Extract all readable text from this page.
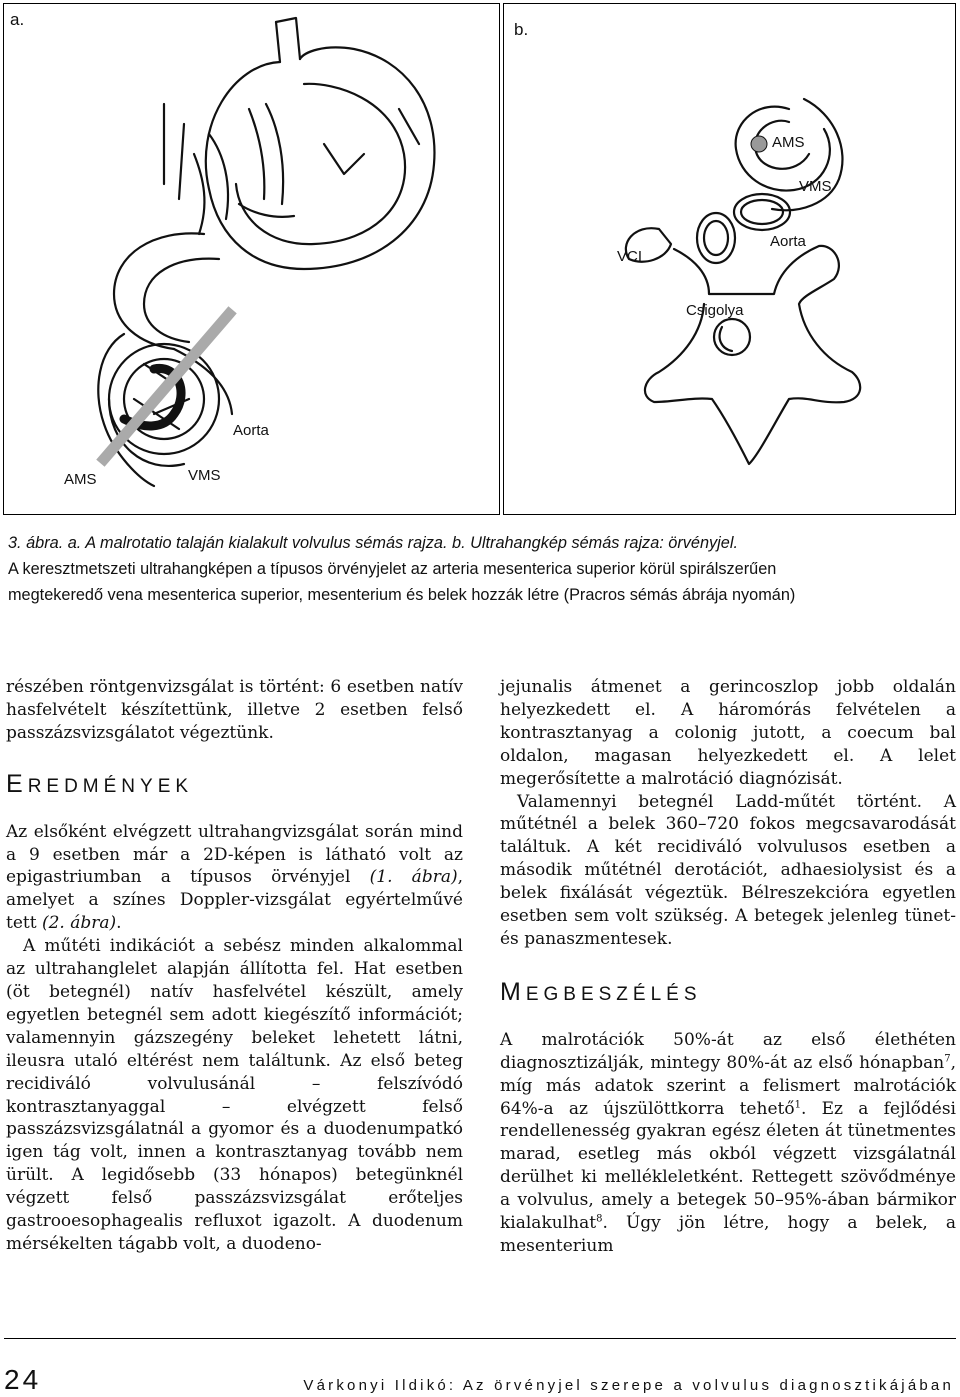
a.
Aorta
AMS	VMS
b.
AMS
VMS
Aorta
VCI
Csigolya

3. ábra. a. A malrotatio talaján kialakult volvulus sémás rajza. b. Ultrahangkép sémás rajza: örvényjel.

A keresztmetszeti ultrahangképen a típusos örvényjelet az arteria mesenterica superior körül spirálszerűen

megtekeredő vena mesenterica superior, mesenterium és belek hozzák létre (Pracros sémás ábrája nyomán)

részében röntgenvizsgálat is történt: 6 esetben natív hasfelvételt készítettünk, illetve 2 esetben felső passzázsvizsgálatot végeztünk.

EREDMÉNYEK

Az elsőként elvégzett ultrahangvizsgálat során mind a 9 esetben már a 2D-képen is látható volt az epigastriumban a típusos örvényjel (1. ábra), amelyet a színes Doppler-vizsgálat egyértelművé tett (2. ábra).

A műtéti indikációt a sebész minden alkalommal az ultrahanglelet alapján állította fel. Hat esetben (öt betegnél) natív hasfelvétel készült, amely egyetlen betegnél sem adott kiegészítő információt; valamennyin gázszegény beleket lehetett látni, ileusra utaló eltérést nem találtunk. Az első beteg recidiváló volvulusánál – felszívódó kontrasztanyaggal – elvégzett felső passzázsvizsgálatnál a gyomor és a duodenumpatkó igen tág volt, innen a kontrasztanyag tovább nem ürült. A legidősebb (33 hónapos) betegünknél végzett felső passzázsvizsgálat erőteljes gastrooesophagealis refluxot igazolt. A duodenum mérsékelten tágabb volt, a duodeno-

jejunalis átmenet a gerincoszlop jobb oldalán helyezkedett el. A háromórás felvételen a kontrasztanyag a colonig jutott, a coecum bal oldalon, magasan helyezkedett el. A lelet megerősítette a malrotáció diagnózisát.

Valamennyi betegnél Ladd-műtét történt. A műtétnél a belek 360–720 fokos megcsavarodását találtuk. A két recidiváló volvulusos esetben a második műtétnél derotációt, adhaesiolysist és a belek fixálását végeztük. Bélreszekcióra egyetlen esetben sem volt szükség. A betegek jelenleg tünet- és panaszmentesek.

MEGBESZÉLÉS

A malrotációk 50%-át az első élethéten diagnosztizálják, mintegy 80%-át az első hónapban$^7$, míg más adatok szerint a felismert malrotációk 64%-a az újszülöttkorra tehető$^1$. Ez a fejlődési rendellenesség gyakran egész életen át tünetmentes marad, esetleg más okból végzett vizsgálatnál derülhet ki mellékleletként. Rettegett szövődménye a volvulus, amely a betegek 50–95%-ában bármikor kialakulhat$^8$. Úgy jön létre, hogy a belek, a mesenterium

24	Várkonyi Ildikó: Az örvényjel szerepe a volvulus diagnosztikájában
